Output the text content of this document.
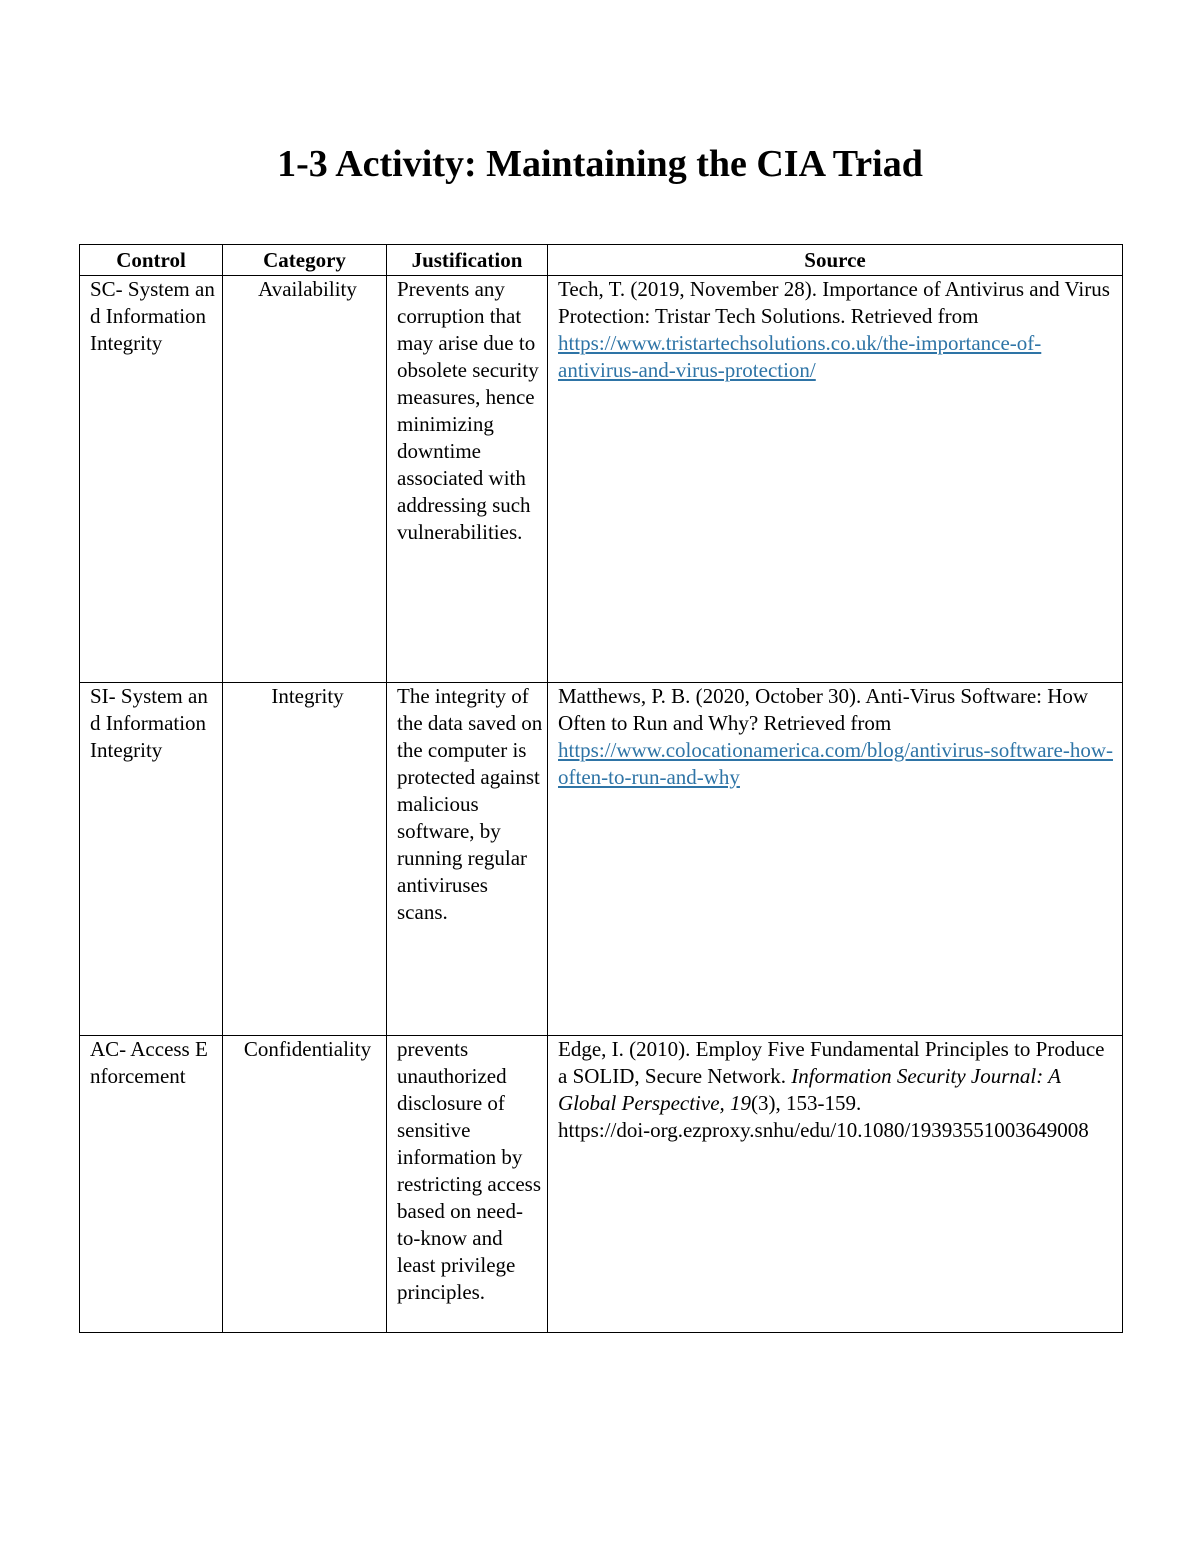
1-3 Activity: Maintaining the CIA Triad
Control	Category	Justification	Source
SC- System and Information Integrity	Availability	Prevents any corruption that may arise due to obsolete security measures, hence minimizing downtime associated with addressing such vulnerabilities.	Tech, T. (2019, November 28). Importance of Antivirus and Virus Protection: Tristar Tech Solutions. Retrieved from https://www.tristartechsolutions.co.uk/the-importance-of-antivirus-and-virus-protection/
SI- System and Information Integrity	Integrity	The integrity of the data saved on the computer is protected against malicious software, by running regular antiviruses scans.	Matthews, P. B. (2020, October 30). Anti-Virus Software: How Often to Run and Why? Retrieved from https://www.colocationamerica.com/blog/antivirus-software-how-often-to-run-and-why
AC- Access Enforcement	Confidentiality	prevents unauthorized disclosure of sensitive information by restricting access based on need-to-know and least privilege principles.	Edge, I. (2010). Employ Five Fundamental Principles to Produce a SOLID, Secure Network. Information Security Journal: A Global Perspective, 19(3), 153-159.
https://doi-org.ezproxy.snhu/edu/10.1080/19393551003649008
